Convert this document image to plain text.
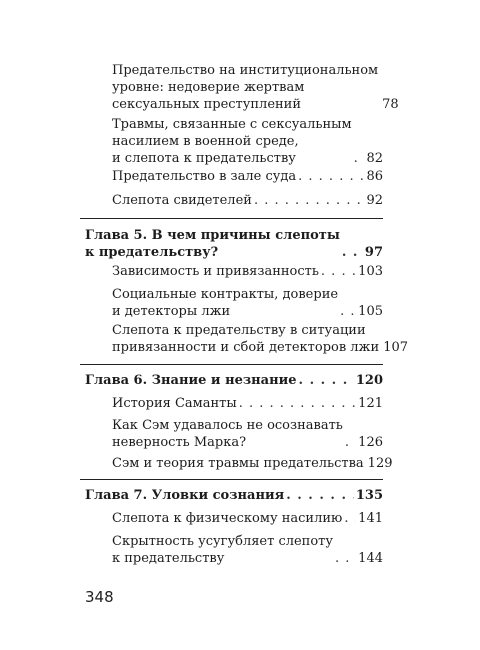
Предательство на институциональном
уровне: недоверие жертвам
сексуальных преступлений	78
Травмы, связанные с сексуальным
насилием в военной среде,
и слепота к предательству . . .	82
Предательство в зале суда . . .	86
Слепота свидетелей . . .	92
Глава 5. В чем причины слепоты
к предательству? . . .	97
Зависимость и привязанность . . .	103
Социальные контракты, доверие
и детекторы лжи . . .	105
Слепота к предательству в ситуации
привязанности и сбой детекторов лжи 107
Глава 6. Знание и незнание . . .	120
История Саманты . . .	121
Как Сэм удавалось не осознавать
неверность Марка? . . .	126
Сэм и теория травмы предательства 129
Глава 7. Уловки сознания . . .	135
Слепота к физическому насилию . . . 141
Скрытность усугубляет слепоту
к предательству . . .	144
348
